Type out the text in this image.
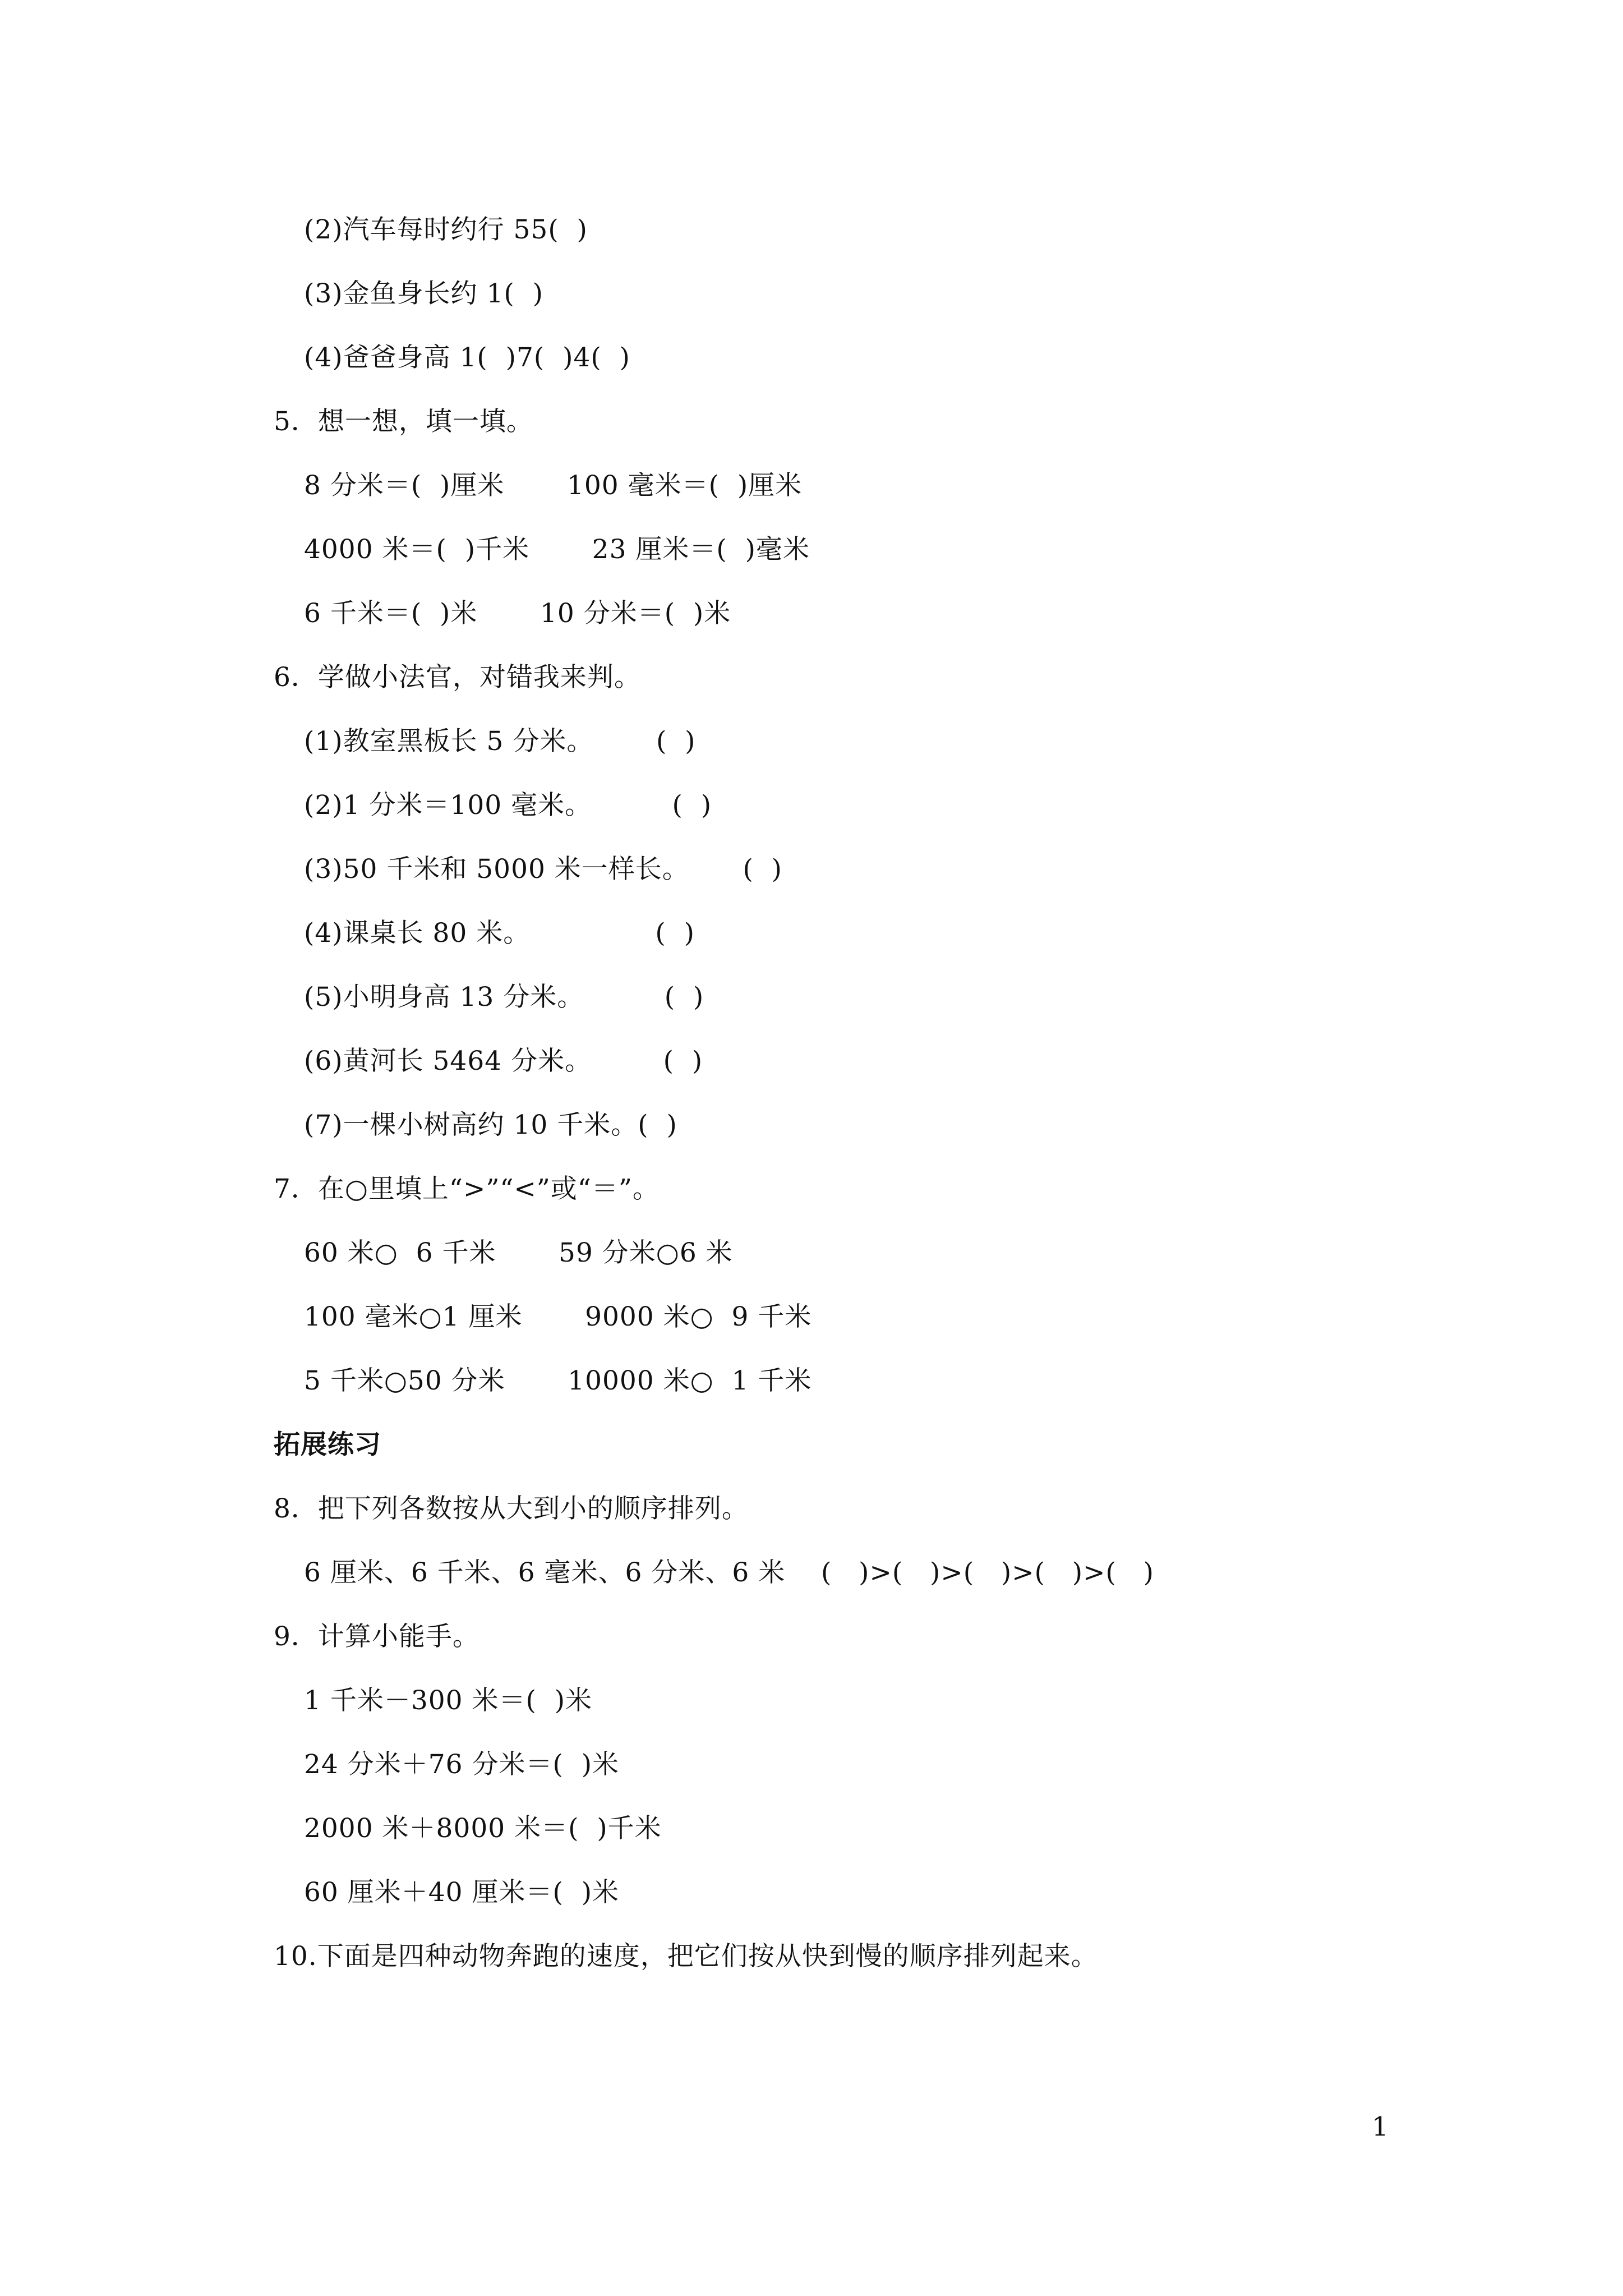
(2)汽车每时约行 55(  )
(3)金鱼身长约 1(  )
(4)爸爸身高 1(  )7(  )4(  )
5．想一想，填一填。
8 分米＝(  )厘米       100 毫米＝(  )厘米
4000 米＝(  )千米       23 厘米＝(  )毫米
6 千米＝(  )米       10 分米＝(  )米
6．学做小法官，对错我来判。
(1)教室黑板长 5 分米。       (  )
(2)1 分米＝100 毫米。         (  )
(3)50 千米和 5000 米一样长。      (  )
(4)课桌长 80 米。              (  )
(5)小明身高 13 分米。         (  )
(6)黄河长 5464 分米。        (  )
(7)一棵小树高约 10 千米。(  )
7．在○里填上“>”“<”或“＝”。
60 米○  6 千米       59 分米○6 米
100 毫米○1 厘米       9000 米○  9 千米
5 千米○50 分米       10000 米○  1 千米
拓展练习
8．把下列各数按从大到小的顺序排列。
6 厘米、6 千米、6 毫米、6 分米、6 米    (   )>(   )>(   )>(   )>(   )
9．计算小能手。
1 千米－300 米＝(  )米
24 分米＋76 分米＝(  )米
2000 米＋8000 米＝(  )千米
60 厘米＋40 厘米＝(  )米
10.下面是四种动物奔跑的速度，把它们按从快到慢的顺序排列起来。
1
